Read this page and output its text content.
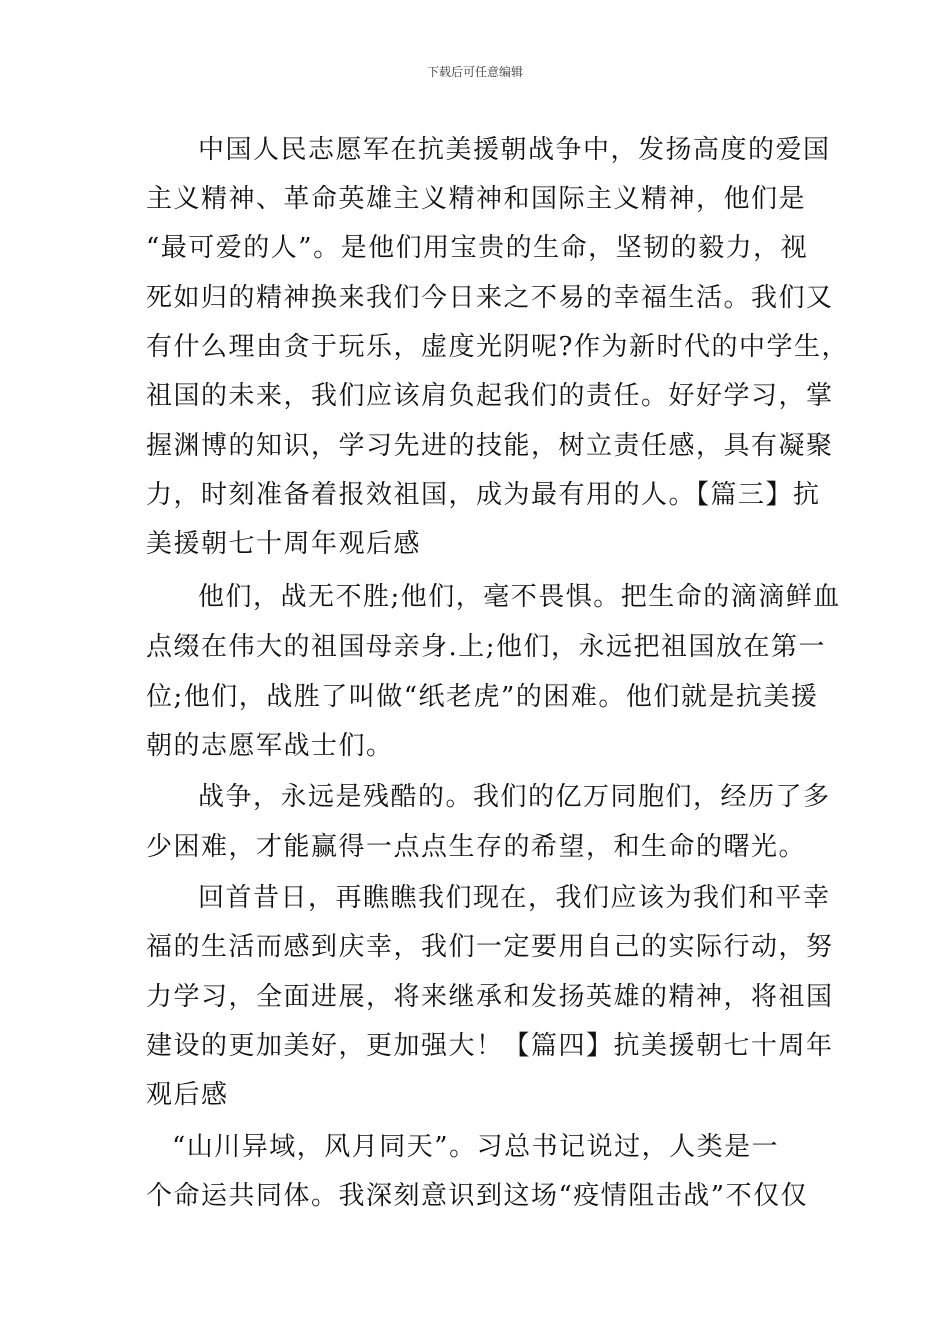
下载后可任意编辑
中国人民志愿军在抗美援朝战争中，发扬高度的爱国
主义精神、革命英雄主义精神和国际主义精神，他们是
“最可爱的人”。是他们用宝贵的生命，坚韧的毅力，视
死如归的精神换来我们今日来之不易的幸福生活。我们又
有什么理由贪于玩乐，虚度光阴呢?作为新时代的中学生，
祖国的未来，我们应该肩负起我们的责任。好好学习，掌
握渊博的知识，学习先进的技能，树立责任感，具有凝聚
力，时刻准备着报效祖国，成为最有用的人。【篇三】抗
美援朝七十周年观后感
他们，战无不胜;他们，毫不畏惧。把生命的滴滴鲜血
点缀在伟大的祖国母亲身.上;他们，永远把祖国放在第一
位;他们，战胜了叫做“纸老虎”的困难。他们就是抗美援
朝的志愿军战士们。
战争，永远是残酷的。我们的亿万同胞们，经历了多
少困难，才能赢得一点点生存的希望，和生命的曙光。
回首昔日，再瞧瞧我们现在，我们应该为我们和平幸
福的生活而感到庆幸，我们一定要用自己的实际行动，努
力学习，全面进展，将来继承和发扬英雄的精神，将祖国
建设的更加美好，更加强大！【篇四】抗美援朝七十周年
观后感
“山川异域，风月同天”。习总书记说过，人类是一
个命运共同体。我深刻意识到这场“疫情阻击战”不仅仅
